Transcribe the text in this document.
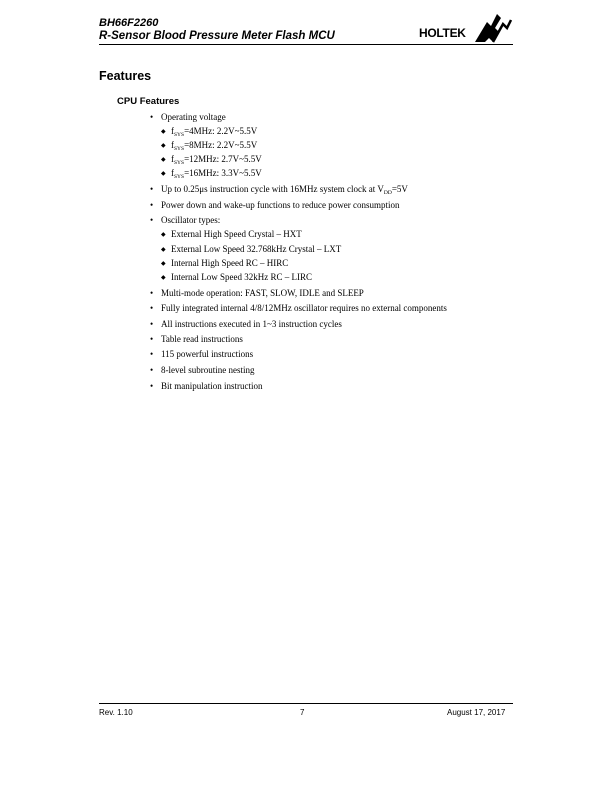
BH66F2260
R-Sensor Blood Pressure Meter Flash MCU	HOLTEK
Features
CPU Features
• Operating voltage
◆ $f_{SYS}=4MHz$: 2.2V~5.5V
◆ $f_{SYS}=8MHz$: 2.2V~5.5V
◆ $f_{SYS}=12MHz$: 2.7V~5.5V
◆ $f_{SYS}=16MHz$: 3.3V~5.5V
• Up to 0.25μs instruction cycle with 16MHz system clock at $V_{DD}=5V$
• Power down and wake-up functions to reduce power consumption
• Oscillator types:
◆ External High Speed Crystal – HXT
◆ External Low Speed 32.768kHz Crystal – LXT
◆ Internal High Speed RC – HIRC
◆ Internal Low Speed 32kHz RC – LIRC
• Multi-mode operation: FAST, SLOW, IDLE and SLEEP
• Fully integrated internal 4/8/12MHz oscillator requires no external components
• All instructions executed in 1~3 instruction cycles
• Table read instructions
• 115 powerful instructions
• 8-level subroutine nesting
• Bit manipulation instruction
Rev. 1.10	7	August 17, 2017
